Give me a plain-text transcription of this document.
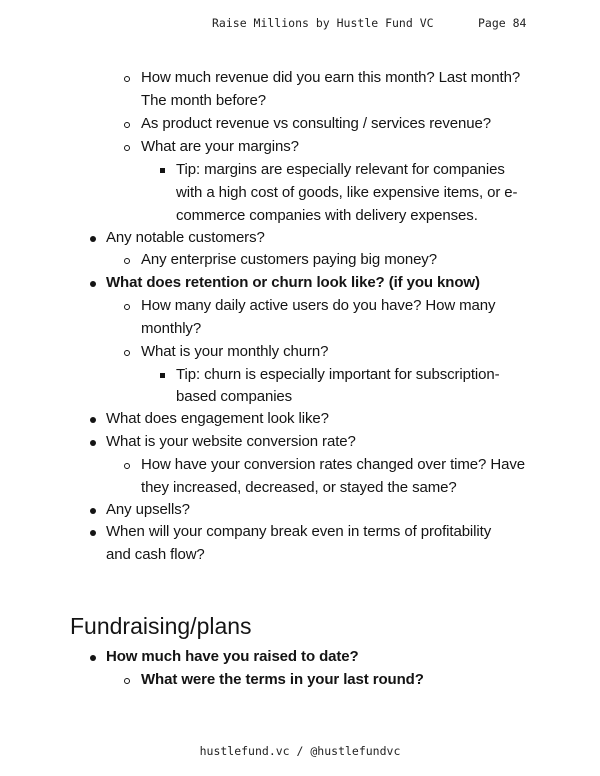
Raise Millions by Hustle Fund VC	Page 84
How much revenue did you earn this month? Last month?
The month before?
As product revenue vs consulting / services revenue?
What are your margins?
Tip: margins are especially relevant for companies
with a high cost of goods, like expensive items, or e-
commerce companies with delivery expenses.
Any notable customers?
Any enterprise customers paying big money?
What does retention or churn look like? (if you know)
How many daily active users do you have? How many
monthly?
What is your monthly churn?
Tip: churn is especially important for subscription-
based companies
What does engagement look like?
What is your website conversion rate?
How have your conversion rates changed over time? Have
they increased, decreased, or stayed the same?
Any upsells?
When will your company break even in terms of profitability
and cash flow?
Fundraising/plans
How much have you raised to date?
What were the terms in your last round?
hustlefund.vc / @hustlefundvc
